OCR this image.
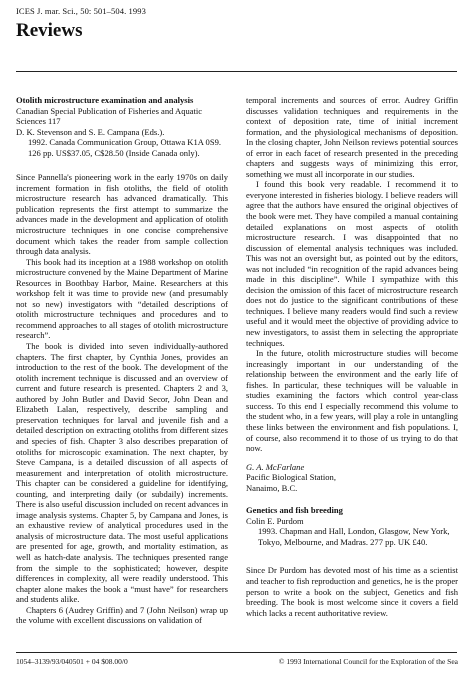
ICES J. mar. Sci., 50: 501–504. 1993
Reviews

Otolith microstructure examination and analysis

Canadian Special Publication of Fisheries and Aquatic Sciences 117

D. K. Stevenson and S. E. Campana (Eds.).

1992. Canada Communication Group, Ottawa K1A 0S9. 126 pp. US$37.05, C$28.50 (Inside Canada only).

Since Pannella's pioneering work in the early 1970s on daily increment formation in fish otoliths, the field of otolith microstructure research has advanced dramatically. This publication represents the first attempt to summarize the advances made in the development and application of otolith microstructure techniques in one concise comprehensive document which takes the reader from sample collection through data analysis.

This book had its inception at a 1988 workshop on otolith microstructure convened by the Maine Department of Marine Resources in Boothbay Harbor, Maine. Researchers at this workshop felt it was time to provide new (and presumably not so new) investigators with “detailed descriptions of otolith microstructure techniques and procedures and to recommend approaches to all stages of otolith microstructure research”.

The book is divided into seven individually-authored chapters. The first chapter, by Cynthia Jones, provides an introduction to the rest of the book. The development of the otolith increment technique is discussed and an overview of current and future research is presented. Chapters 2 and 3, authored by John Butler and David Secor, John Dean and Elizabeth Lalan, respectively, describe sampling and preservation techniques for larval and juvenile fish and a detailed description on extracting otoliths from different sizes and species of fish. Chapter 3 also describes preparation of otoliths for microscopic examination. The next chapter, by Steve Campana, is a detailed discussion of all aspects of measurement and interpretation of otolith microstructure. This chapter can be considered a guideline for identifying, counting, and interpreting daily (or subdaily) increments. There is also useful discussion included on recent advances in image analysis systems. Chapter 5, by Campana and Jones, is an exhaustive review of analytical procedures used in the analysis of microstructure data. The most useful applications are presented for age, growth, and mortality estimation, as well as hatch-date analysis. The techniques presented range from the simple to the sophisticated; however, despite differences in complexity, all were readily understood. This chapter alone makes the book a “must have” for researchers and students alike.

Chapters 6 (Audrey Griffin) and 7 (John Neilson) wrap up the volume with excellent discussions on validation of

temporal increments and sources of error. Audrey Griffin discusses validation techniques and requirements in the context of deposition rate, time of initial increment formation, and the physiological mechanisms of deposition. In the closing chapter, John Neilson reviews potential sources of error in each facet of research presented in the preceding chapters and suggests ways of minimizing this error, something we must all incorporate in our studies.

I found this book very readable. I recommend it to everyone interested in fisheries biology. I believe readers will agree that the authors have ensured the original objectives of the book were met. They have compiled a manual containing detailed explanations on most aspects of otolith microstructure research. I was disappointed that no discussion of elemental analysis techniques was included. This was not an oversight but, as pointed out by the editors, was not included “in recognition of the rapid advances being made in this discipline”. While I sympathize with this decision the omission of this facet of microstructure research does not do justice to the significant contributions of these techniques. I believe many readers would find such a review useful and it would meet the objective of providing advice to new investigators, to assist them in selecting the appropriate techniques.

In the future, otolith microstructure studies will become increasingly important in our understanding of the relationship between the environment and the early life of fishes. In particular, these techniques will be valuable in studies examining the factors which control year-class success. To this end I especially recommend this volume to the student who, in a few years, will play a role in untangling these links between the environment and fish populations. I, of course, also recommend it to those of us trying to do that now.

G. A. McFarlane

Pacific Biological Station,

Nanaimo, B.C.

Genetics and fish breeding

Colin E. Purdom

1993. Chapman and Hall, London, Glasgow, New York, Tokyo, Melbourne, and Madras. 277 pp. UK £40.

Since Dr Purdom has devoted most of his time as a scientist and teacher to fish reproduction and genetics, he is the proper person to write a book on the subject, Genetics and fish breeding. The book is most welcome since it covers a field which lacks a recent authoritative review.

1054–3139/93/040501 + 04 $08.00/0	© 1993 International Council for the Exploration of the Sea
